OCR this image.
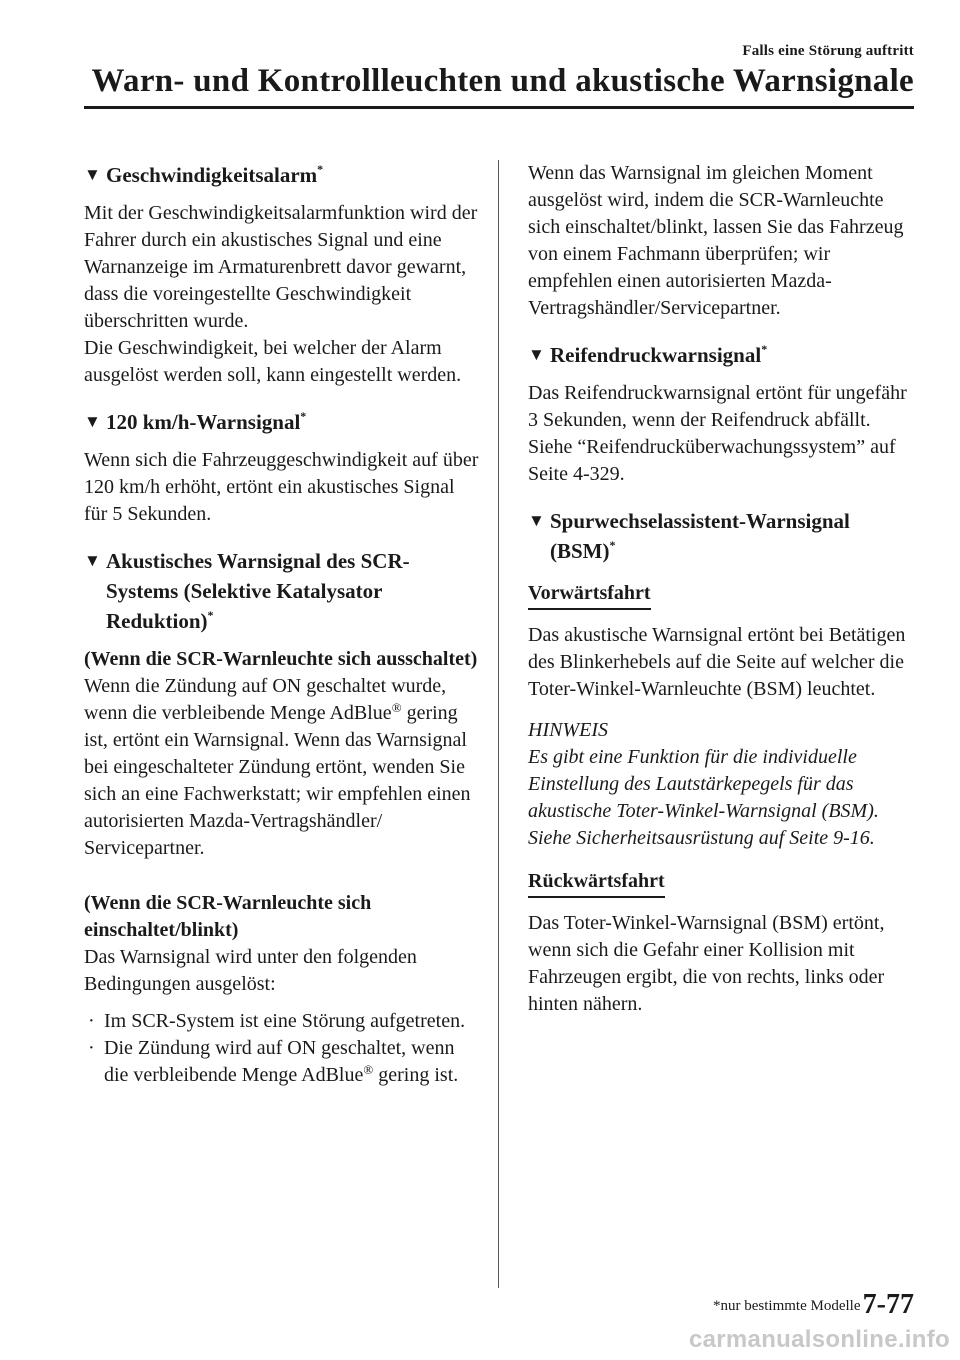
Falls eine Störung auftritt
Warn- und Kontrollleuchten und akustische Warnsignale
▼ Geschwindigkeitsalarm*

Mit der Geschwindigkeitsalarmfunktion wird der Fahrer durch ein akustisches Signal und eine Warnanzeige im Armaturenbrett davor gewarnt, dass die voreingestellte Geschwindigkeit überschritten wurde.

Die Geschwindigkeit, bei welcher der Alarm ausgelöst werden soll, kann eingestellt werden.

▼ 120 km/h-Warnsignal*

Wenn sich die Fahrzeuggeschwindigkeit auf über 120 km/h erhöht, ertönt ein akustisches Signal für 5 Sekunden.

▼ Akustisches Warnsignal des SCR-Systems (Selektive Katalysator Reduktion)*
(Wenn die SCR-Warnleuchte sich ausschaltet)

Wenn die Zündung auf ON geschaltet wurde, wenn die verbleibende Menge AdBlue® gering ist, ertönt ein Warnsignal. Wenn das Warnsignal bei eingeschalteter Zündung ertönt, wenden Sie sich an eine Fachwerkstatt; wir empfehlen einen autorisierten Mazda-Vertragshändler/ Servicepartner.

(Wenn die SCR-Warnleuchte sich einschaltet/blinkt)

Das Warnsignal wird unter den folgenden Bedingungen ausgelöst:

· Im SCR-System ist eine Störung aufgetreten.
· Die Zündung wird auf ON geschaltet, wenn die verbleibende Menge AdBlue® gering ist.

Wenn das Warnsignal im gleichen Moment ausgelöst wird, indem die SCR-Warnleuchte sich einschaltet/blinkt, lassen Sie das Fahrzeug von einem Fachmann überprüfen; wir empfehlen einen autorisierten Mazda-Vertragshändler/Servicepartner.

▼ Reifendruckwarnsignal*

Das Reifendruckwarnsignal ertönt für ungefähr 3 Sekunden, wenn der Reifendruck abfällt.

Siehe “Reifendrucküberwachungssystem” auf Seite 4-329.

▼ Spurwechselassistent-Warnsignal (BSM)*
Vorwärtsfahrt

Das akustische Warnsignal ertönt bei Betätigen des Blinkerhebels auf die Seite auf welcher die Toter-Winkel-Warnleuchte (BSM) leuchtet.

HINWEIS
Es gibt eine Funktion für die individuelle Einstellung des Lautstärkepegels für das akustische Toter-Winkel-Warnsignal (BSM).
Siehe Sicherheitsausrüstung auf Seite 9-16.
Rückwärtsfahrt

Das Toter-Winkel-Warnsignal (BSM) ertönt, wenn sich die Gefahr einer Kollision mit Fahrzeugen ergibt, die von rechts, links oder hinten nähern.

*nur bestimmte Modelle 7-77
carmanualsonline.info
